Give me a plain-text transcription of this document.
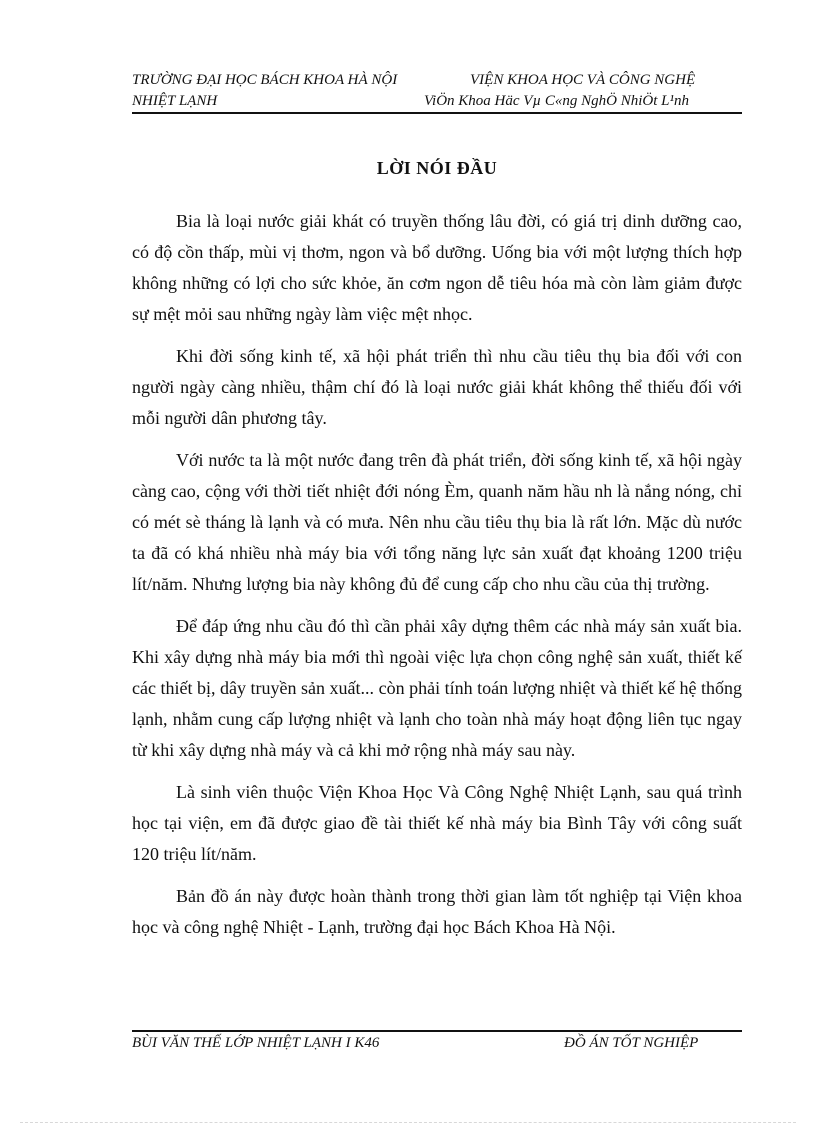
TRƯỜNG ĐẠI HỌC BÁCH KHOA HÀ NỘI	VIỆN KHOA HỌC VÀ CÔNG NGHỆ
NHIỆT LẠNH	ViÖn Khoa Häc Vµ C«ng NghÖ NhiÖt L¹nh
LỜI NÓI ĐẦU

Bia là loại nước giải khát có truyền thống lâu đời, có giá trị dinh dưỡng cao, có độ cồn thấp, mùi vị thơm, ngon và bổ dưỡng. Uống bia với một lượng thích hợp không những có lợi cho sức khỏe, ăn cơm ngon dễ tiêu hóa mà còn làm giảm được sự mệt mỏi sau những ngày làm việc mệt nhọc.

Khi đời sống kinh tế, xã hội phát triển thì nhu cầu tiêu thụ bia đối với con người ngày càng nhiều, thậm chí đó là loại nước giải khát không thể thiếu đối với mỗi người dân phương tây.

Với nước ta là một nước đang trên đà phát triển, đời sống kinh tế, xã hội ngày càng cao, cộng với thời tiết nhiệt đới nóng Èm, quanh năm hầu nh là nắng nóng, chỉ có mét sè tháng là lạnh và có mưa. Nên nhu cầu tiêu thụ bia là rất lớn. Mặc dù nước ta đã có khá nhiều nhà máy bia với tổng năng lực sản xuất đạt khoảng 1200 triệu lít/năm. Nhưng lượng bia này không đủ để cung cấp cho nhu cầu của thị trường.

Để đáp ứng nhu cầu đó thì cần phải xây dựng thêm các nhà máy sản xuất bia. Khi xây dựng nhà máy bia mới thì ngoài việc lựa chọn công nghệ sản xuất, thiết kế các thiết bị, dây truyền sản xuất... còn phải tính toán lượng nhiệt và thiết kế hệ thống lạnh, nhằm cung cấp lượng nhiệt và lạnh cho toàn nhà máy hoạt động liên tục ngay từ khi xây dựng nhà máy và cả khi mở rộng nhà máy sau này.

Là sinh viên thuộc Viện Khoa Học Và Công Nghệ Nhiệt Lạnh, sau quá trình học tại viện, em đã được giao đề tài thiết kế nhà máy bia Bình Tây với công suất 120 triệu lít/năm.

Bản đồ án này được hoàn thành trong thời gian làm tốt nghiệp tại Viện khoa học và công nghệ Nhiệt - Lạnh, trường đại học Bách Khoa Hà Nội.

BÙI VĂN THẾ LỚP NHIỆT LẠNH I K46	ĐỒ ÁN TỐT NGHIỆP
